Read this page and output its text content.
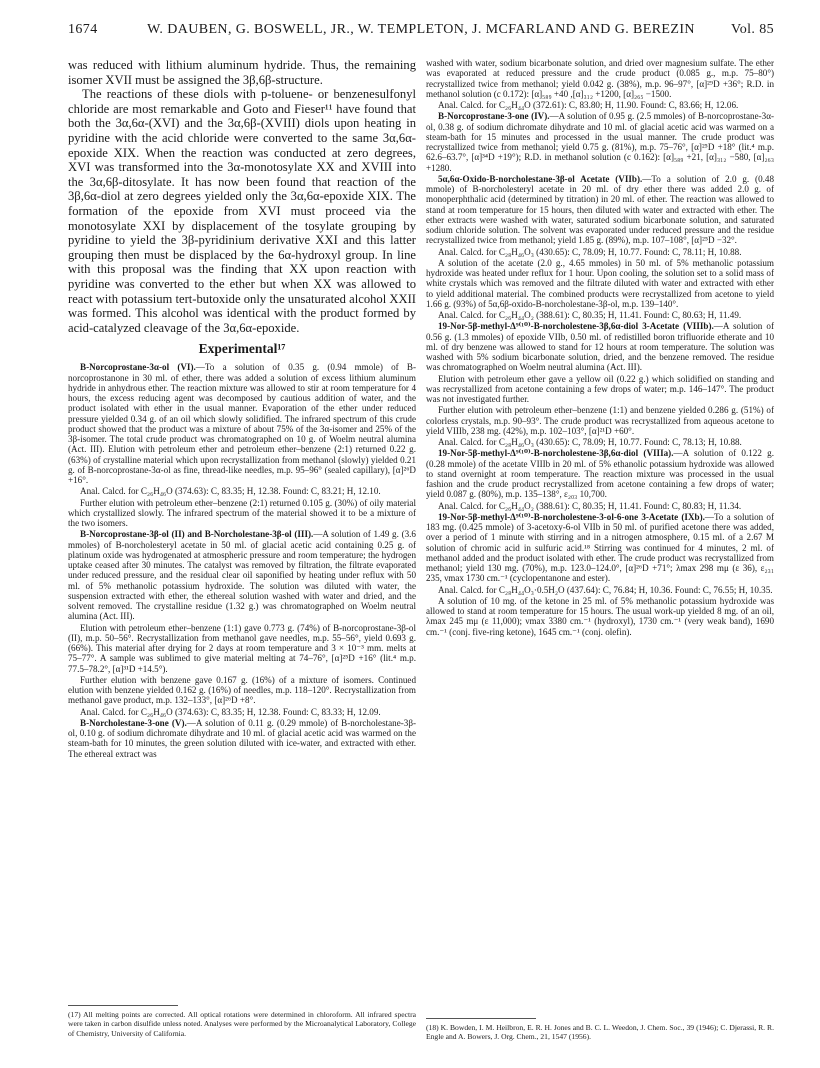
1674	W. DAUBEN, G. BOSWELL, JR., W. TEMPLETON, J. MCFARLAND AND G. BEREZIN	Vol. 85

was reduced with lithium aluminum hydride. Thus, the remaining isomer XVII must be assigned the 3β,6β-structure.

The reactions of these diols with p-toluene- or benzenesulfonyl chloride are most remarkable and Goto and Fieser¹¹ have found that both the 3α,6α-(XVI) and the 3α,6β-(XVIII) diols upon heating in pyridine with the acid chloride were converted to the same 3α,6α-epoxide XIX. When the reaction was conducted at zero degrees, XVI was transformed into the 3α-monotosylate XX and XVIII into the 3α,6β-ditosylate. It has now been found that reaction of the 3β,6α-diol at zero degrees yielded only the 3α,6α-epoxide XIX. The formation of the epoxide from XVI must proceed via the monotosylate XXI by displacement of the tosylate grouping by pyridine to yield the 3β-pyridinium derivative XXI and this latter grouping then must be displaced by the 6α-hydroxyl group. In line with this proposal was the finding that XX upon reaction with pyridine was converted to the ether but when XX was allowed to react with potassium tert-butoxide only the unsaturated alcohol XXII was formed. This alcohol was identical with the product formed by acid-catalyzed cleavage of the 3α,6α-epoxide.

Experimental¹⁷

B-Norcoprostane-3α-ol (VI).—To a solution of 0.35 g. (0.94 mmole) of B-norcoprostanone in 30 ml. of ether, there was added a solution of excess lithium aluminum hydride in anhydrous ether. The reaction mixture was allowed to stir at room temperature for 4 hours, the excess reducing agent was decomposed by cautious addition of water, and the product isolated with ether in the usual manner. Evaporation of the ether under reduced pressure yielded 0.34 g. of an oil which slowly solidified. The infrared spectrum of this crude product showed that the product was a mixture of about 75% of the 3α-isomer and 25% of the 3β-isomer. The total crude product was chromatographed on 10 g. of Woelm neutral alumina (Act. III). Elution with petroleum ether and petroleum ether–benzene (2:1) returned 0.22 g. (63%) of crystalline material which upon recrystallization from methanol (slowly) yielded 0.21 g. of B-norcoprostane-3α-ol as fine, thread-like needles, m.p. 95–96° (sealed capillary), [α]²⁶D +16°.

Anal. Calcd. for C₂₆H₄₆O (374.63): C, 83.35; H, 12.38. Found: C, 83.21; H, 12.10.

Further elution with petroleum ether–benzene (2:1) returned 0.105 g. (30%) of oily material which crystallized slowly. The infrared spectrum of the material showed it to be a mixture of the two isomers.

B-Norcoprostane-3β-ol (II) and B-Norcholestane-3β-ol (III).—A solution of 1.49 g. (3.6 mmoles) of B-norcholesteryl acetate in 50 ml. of glacial acetic acid containing 0.25 g. of platinum oxide was hydrogenated at atmospheric pressure and room temperature; the hydrogen uptake ceased after 30 minutes. The catalyst was removed by filtration, the filtrate evaporated under reduced pressure, and the residual clear oil saponified by heating under reflux with 50 ml. of 5% methanolic potassium hydroxide. The solution was diluted with water, the suspension extracted with ether, the ethereal solution washed with water and dried, and the solvent removed. The crystalline residue (1.32 g.) was chromatographed on Woelm neutral alumina (Act. III).

Elution with petroleum ether–benzene (1:1) gave 0.773 g. (74%) of B-norcoprostane-3β-ol (II), m.p. 50–56°. Recrystallization from methanol gave needles, m.p. 55–56°, yield 0.693 g. (66%). This material after drying for 2 days at room temperature and 3 × 10⁻³ mm. melts at 75–77°. A sample was sublimed to give material melting at 74–76°, [α]²⁵D +16° (lit.⁴ m.p. 77.5–78.2°, [α]³¹D +14.5°).

Further elution with benzene gave 0.167 g. (16%) of a mixture of isomers. Continued elution with benzene yielded 0.162 g. (16%) of needles, m.p. 118–120°. Recrystallization from methanol gave product, m.p. 132–133°, [α]²⁶D +8°.

Anal. Calcd. for C₂₆H₄₆O (374.63): C, 83.35; H, 12.38. Found: C, 83.33; H, 12.09.

B-Norcholestane-3-one (V).—A solution of 0.11 g. (0.29 mmole) of B-norcholestane-3β-ol, 0.10 g. of sodium dichromate dihydrate and 10 ml. of glacial acetic acid was warmed on the steam-bath for 10 minutes, the green solution diluted with ice-water, and extracted with ether. The ethereal extract was

washed with water, sodium bicarbonate solution, and dried over magnesium sulfate. The ether was evaporated at reduced pressure and the crude product (0.085 g., m.p. 75–80°) recrystallized twice from methanol; yield 0.042 g. (38%), m.p. 96–97°, [α]²⁹D +36°; R.D. in methanol solution (c 0.172): [α]₅₈₉ +40 ,[α]₃₁₂ +1200, [α]₂₆₅ −1500.

Anal. Calcd. for C₂₆H₄₄O (372.61): C, 83.80; H, 11.90. Found: C, 83.66; H, 12.06.

B-Norcoprostane-3-one (IV).—A solution of 0.95 g. (2.5 mmoles) of B-norcoprostane-3α-ol, 0.38 g. of sodium dichromate dihydrate and 10 ml. of glacial acetic acid was warmed on a steam-bath for 15 minutes and processed in the usual manner. The crude product was recrystallized twice from methanol; yield 0.75 g. (81%), m.p. 75–76°, [α]²⁵D +18° (lit.⁴ m.p. 62.6–63.7°, [α]³⁴D +19°); R.D. in methanol solution (c 0.162): [α]₅₈₉ +21, [α]₃₁₂ −580, [α]₂₆₃ +1280.

5α,6α-Oxido-B-norcholestane-3β-ol Acetate (VIIb).—To a solution of 2.0 g. (0.48 mmole) of B-norcholesteryl acetate in 20 ml. of dry ether there was added 2.0 g. of monoperphthalic acid (determined by titration) in 20 ml. of ether. The reaction was allowed to stand at room temperature for 15 hours, then diluted with water and extracted with ether. The ether extracts were washed with water, saturated sodium bicarbonate solution, and saturated sodium chloride solution. The solvent was evaporated under reduced pressure and the residue recrystallized twice from methanol; yield 1.85 g. (89%), m.p. 107–108°, [α]²⁵D −32°.

Anal. Calcd. for C₂₈H₄₆O₃ (430.65): C, 78.09; H, 10.77. Found: C, 78.11; H, 10.88.

A solution of the acetate (2.0 g., 4.65 mmoles) in 50 ml. of 5% methanolic potassium hydroxide was heated under reflux for 1 hour. Upon cooling, the solution set to a solid mass of white crystals which was removed and the filtrate diluted with water and extracted with ether to yield additional material. The combined products were recrystallized from acetone to yield 1.66 g. (93%) of 5α,6β-oxido-B-norcholestane-3β-ol, m.p. 139–140°.

Anal. Calcd. for C₂₆H₄₄O₂ (388.61): C, 80.35; H, 11.41. Found: C, 80.63; H, 11.49.

19-Nor-5β-methyl-Δ⁹⁽¹⁰⁾-B-norcholestene-3β,6α-diol 3-Acetate (VIIIb).—A solution of 0.56 g. (1.3 mmoles) of epoxide VIIb, 0.50 ml. of redistilled boron trifluoride etherate and 10 ml. of dry benzene was allowed to stand for 12 hours at room temperature. The solution was washed with 5% sodium bicarbonate solution, dried, and the benzene removed. The residue was chromatographed on Woelm neutral alumina (Act. III).

Elution with petroleum ether gave a yellow oil (0.22 g.) which solidified on standing and was recrystallized from acetone containing a few drops of water; m.p. 146–147°. The product was not investigated further.

Further elution with petroleum ether–benzene (1:1) and benzene yielded 0.286 g. (51%) of colorless crystals, m.p. 90–93°. The crude product was recrystallized from aqueous acetone to yield VIIIb, 238 mg. (42%), m.p. 102–103°, [α]²¹D +60°.

Anal. Calcd. for C₂₈H₄₆O₃ (430.65): C, 78.09; H, 10.77. Found: C, 78.13; H, 10.88.

19-Nor-5β-methyl-Δ⁹⁽¹⁰⁾-B-norcholestene-3β,6α-diol (VIIIa).—A solution of 0.122 g. (0.28 mmole) of the acetate VIIIb in 20 ml. of 5% ethanolic potassium hydroxide was allowed to stand overnight at room temperature. The reaction mixture was processed in the usual fashion and the crude product recrystallized from acetone containing a few drops of water; yield 0.087 g. (80%), m.p. 135–138°, ε₂₀₃ 10,700.

Anal. Calcd. for C₂₆H₄₄O₂ (388.61): C, 80.35; H, 11.41. Found: C, 80.83; H, 11.34.

19-Nor-5β-methyl-Δ⁹⁽¹⁰⁾-B-norcholestene-3-ol-6-one 3-Acetate (IXb).—To a solution of 183 mg. (0.425 mmole) of 3-acetoxy-6-ol VIIb in 50 ml. of purified acetone there was added, over a period of 1 minute with stirring and in a nitrogen atmosphere, 0.15 ml. of a 2.67 M solution of chromic acid in sulfuric acid.¹⁸ Stirring was continued for 4 minutes, 2 ml. of methanol added and the product isolated with ether. The crude product was recrystallized from methanol; yield 130 mg. (70%), m.p. 123.0–124.0°, [α]²⁶D +71°; λmax 298 mμ (ε 36), ε₂₃₁ 235, νmax 1730 cm.⁻¹ (cyclopentanone and ester).

Anal. Calcd. for C₂₈H₄₄O₃·0.5H₂O (437.64): C, 76.84; H, 10.36. Found: C, 76.55; H, 10.35.

A solution of 10 mg. of the ketone in 25 ml. of 5% methanolic potassium hydroxide was allowed to stand at room temperature for 15 hours. The usual work-up yielded 8 mg. of an oil, λmax 245 mμ (ε 11,000); νmax 3380 cm.⁻¹ (hydroxyl), 1730 cm.⁻¹ (very weak band), 1690 cm.⁻¹ (conj. five-ring ketone), 1645 cm.⁻¹ (conj. olefin).

(17) All melting points are corrected. All optical rotations were determined in chloroform. All infrared spectra were taken in carbon disulfide unless noted. Analyses were performed by the Microanalytical Laboratory, College of Chemistry, University of California.
(18) K. Bowden, I. M. Heilbron, E. R. H. Jones and B. C. L. Weedon, J. Chem. Soc., 39 (1946); C. Djerassi, R. R. Engle and A. Bowers, J. Org. Chem., 21, 1547 (1956).
